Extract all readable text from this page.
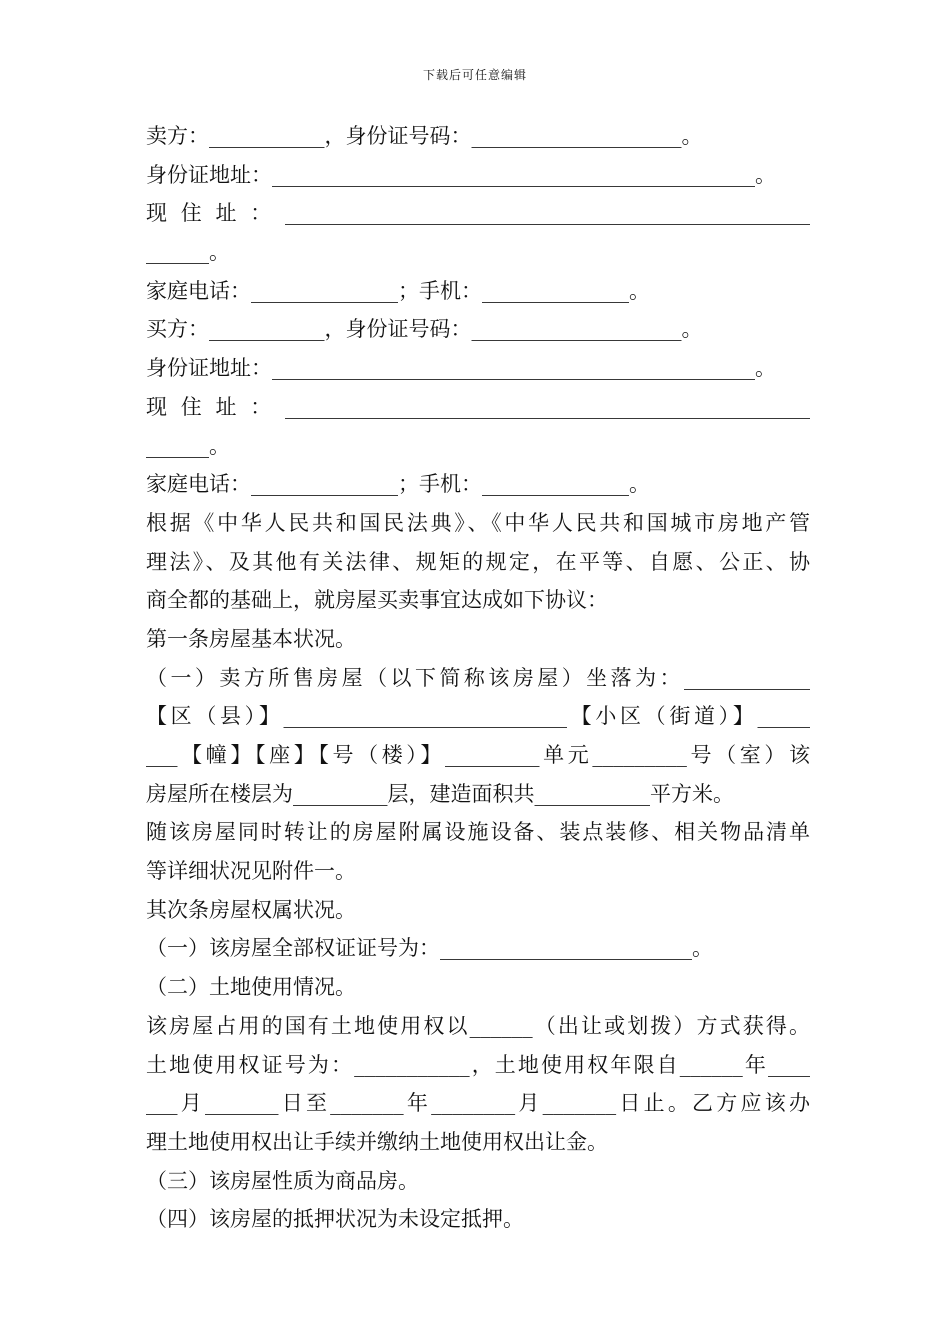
下载后可任意编辑
卖方：___________，身份证号码：____________________。
身份证地址：______________________________________________。
现住址：__________________________________________________
______。
家庭电话：______________；手机：______________。
买方：___________，身份证号码：____________________。
身份证地址：______________________________________________。
现住址：__________________________________________________
______。
家庭电话：______________；手机：______________。
根据《中华人民共和国民法典》、《中华人民共和国城市房地产管
理法》、及其他有关法律、规矩的规定，在平等、自愿、公正、协
商全都的基础上，就房屋买卖事宜达成如下协议：
第一条房屋基本状况。
（一）卖方所售房屋（以下简称该房屋）坐落为：____________
【区（县）】___________________________【小区（街道）】_____
___【幢】【座】【号（楼）】_________单元_________号（室）该
房屋所在楼层为_________层，建造面积共___________平方米。
随该房屋同时转让的房屋附属设施设备、装点装修、相关物品清单
等详细状况见附件一。
其次条房屋权属状况。
（一）该房屋全部权证证号为：________________________。
（二）土地使用情况。
该房屋占用的国有土地使用权以______（出让或划拨）方式获得。
土地使用权证号为：___________，土地使用权年限自______年____
___月_______日至_______年________月_______日止。乙方应该办
理土地使用权出让手续并缴纳土地使用权出让金。
（三）该房屋性质为商品房。
（四）该房屋的抵押状况为未设定抵押。
